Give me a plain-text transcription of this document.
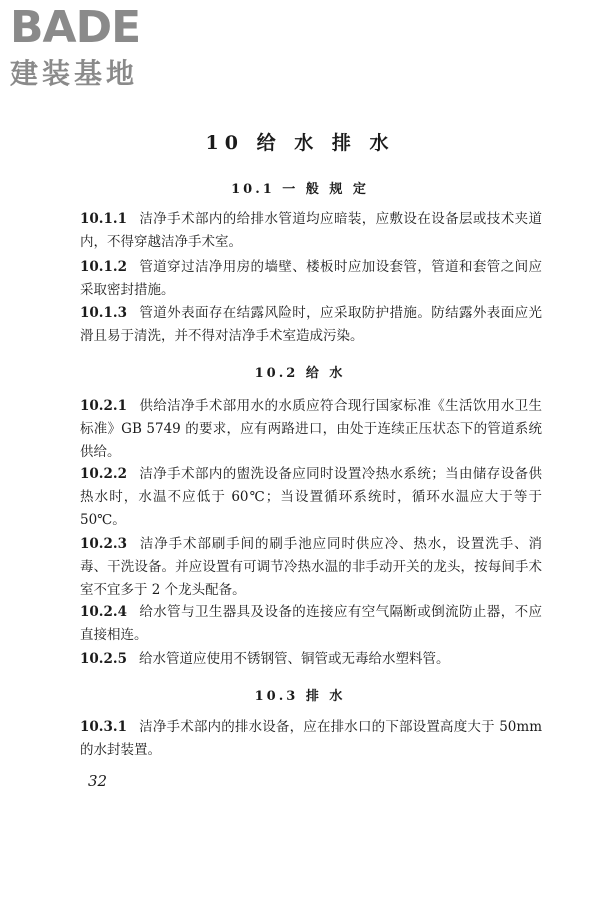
BADE
建装基地
10 给 水 排 水
10.1 一 般 规 定
10.1.1 洁净手术部内的给排水管道均应暗装，应敷设在设备层或技术夹道内，不得穿越洁净手术室。
10.1.2 管道穿过洁净用房的墙壁、楼板时应加设套管，管道和套管之间应采取密封措施。
10.1.3 管道外表面存在结露风险时，应采取防护措施。防结露外表面应光滑且易于清洗，并不得对洁净手术室造成污染。
10.2 给 水
10.2.1 供给洁净手术部用水的水质应符合现行国家标准《生活饮用水卫生标准》GB 5749 的要求，应有两路进口，由处于连续正压状态下的管道系统供给。
10.2.2 洁净手术部内的盥洗设备应同时设置冷热水系统；当由储存设备供热水时，水温不应低于 60℃；当设置循环系统时，循环水温应大于等于 50℃。
10.2.3 洁净手术部刷手间的刷手池应同时供应冷、热水，设置洗手、消毒、干洗设备。并应设置有可调节冷热水温的非手动开关的龙头，按每间手术室不宜多于 2 个龙头配备。
10.2.4 给水管与卫生器具及设备的连接应有空气隔断或倒流防止器，不应直接相连。
10.2.5 给水管道应使用不锈钢管、铜管或无毒给水塑料管。
10.3 排 水
10.3.1 洁净手术部内的排水设备，应在排水口的下部设置高度大于 50mm 的水封装置。
32
